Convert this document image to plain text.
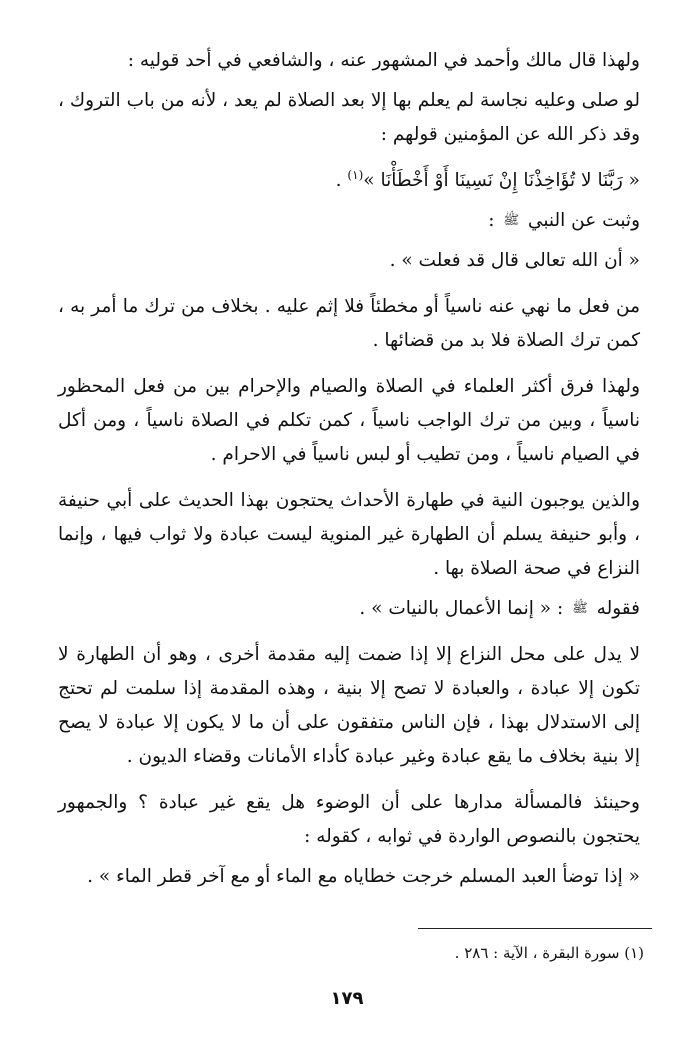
ولهذا قال مالك وأحمد في المشهور عنه ، والشافعي في أحد قوليه :

لو صلى وعليه نجاسة لم يعلم بها إلا بعد الصلاة لم يعد ، لأنه من باب التروك ، وقد ذكر الله عن المؤمنين قولهم :

« رَبَّنَا لا تُؤَاخِذْنَا إِنْ نَسِينَا أَوْ أَخْطَأْنَا »$^{(١)}$ .

وثبت عن النبي ﷺ :

« أن الله تعالى قال قد فعلت » .

من فعل ما نهي عنه ناسياً أو مخطئاً فلا إثم عليه . بخلاف من ترك ما أمر به ، كمن ترك الصلاة فلا بد من قضائها .

ولهذا فرق أكثر العلماء في الصلاة والصيام والإحرام بين من فعل المحظور ناسياً ، وبين من ترك الواجب ناسياً ، كمن تكلم في الصلاة ناسياً ، ومن أكل في الصيام ناسياً ، ومن تطيب أو لبس ناسياً في الاحرام .

والذين يوجبون النية في طهارة الأحداث يحتجون بهذا الحديث على أبي حنيفة ، وأبو حنيفة يسلم أن الطهارة غير المنوية ليست عبادة ولا ثواب فيها ، وإنما النزاع في صحة الصلاة بها .

فقوله ﷺ : « إنما الأعمال بالنيات » .

لا يدل على محل النزاع إلا إذا ضمت إليه مقدمة أخرى ، وهو أن الطهارة لا تكون إلا عبادة ، والعبادة لا تصح إلا بنية ، وهذه المقدمة إذا سلمت لم تحتج إلى الاستدلال بهذا ، فإن الناس متفقون على أن ما لا يكون إلا عبادة لا يصح إلا بنية بخلاف ما يقع عبادة وغير عبادة كأداء الأمانات وقضاء الديون .

وحينئذ فالمسألة مدارها على أن الوضوء هل يقع غير عبادة ؟ والجمهور يحتجون بالنصوص الواردة في ثوابه ، كقوله :

« إذا توضأ العبد المسلم خرجت خطاياه مع الماء أو مع آخر قطر الماء » .

(١) سورة البقرة ، الآية : ٢٨٦ .
١٧٩
